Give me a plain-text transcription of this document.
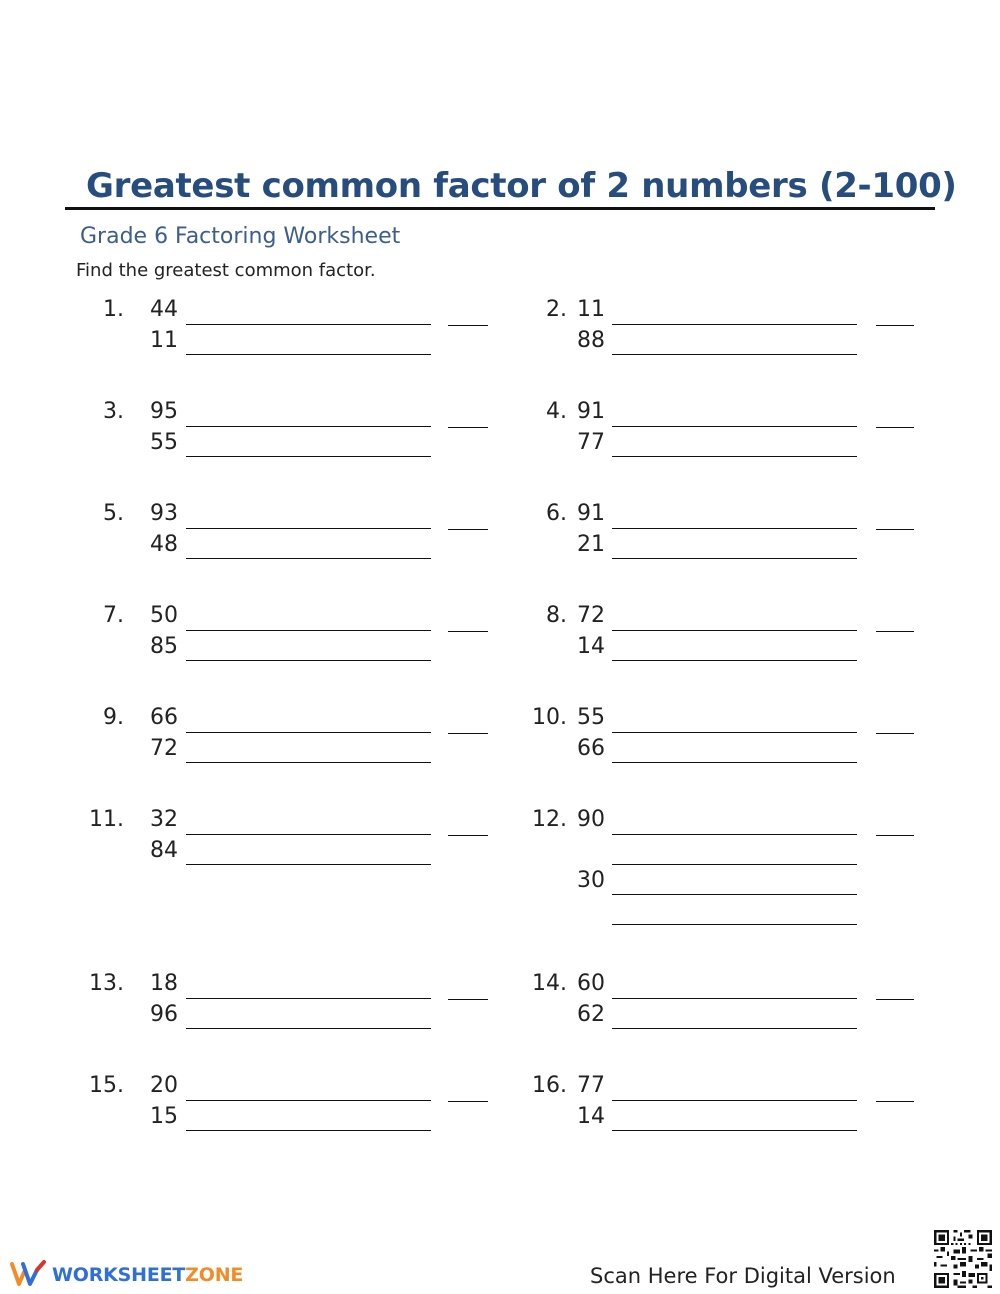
Greatest common factor of 2 numbers (2-100)
Grade 6 Factoring Worksheet
Find the greatest common factor.
1. 44
11
2. 11
88
3. 95
55
4. 91
77
5. 93
48
6. 91
21
7. 50
85
8. 72
14
9. 66
72
10. 55
66
11. 32
84
12. 90
30
13. 18
96
14. 60
62
15. 20
15
16. 77
14
WORKSHEETZONE	Scan Here For Digital Version
